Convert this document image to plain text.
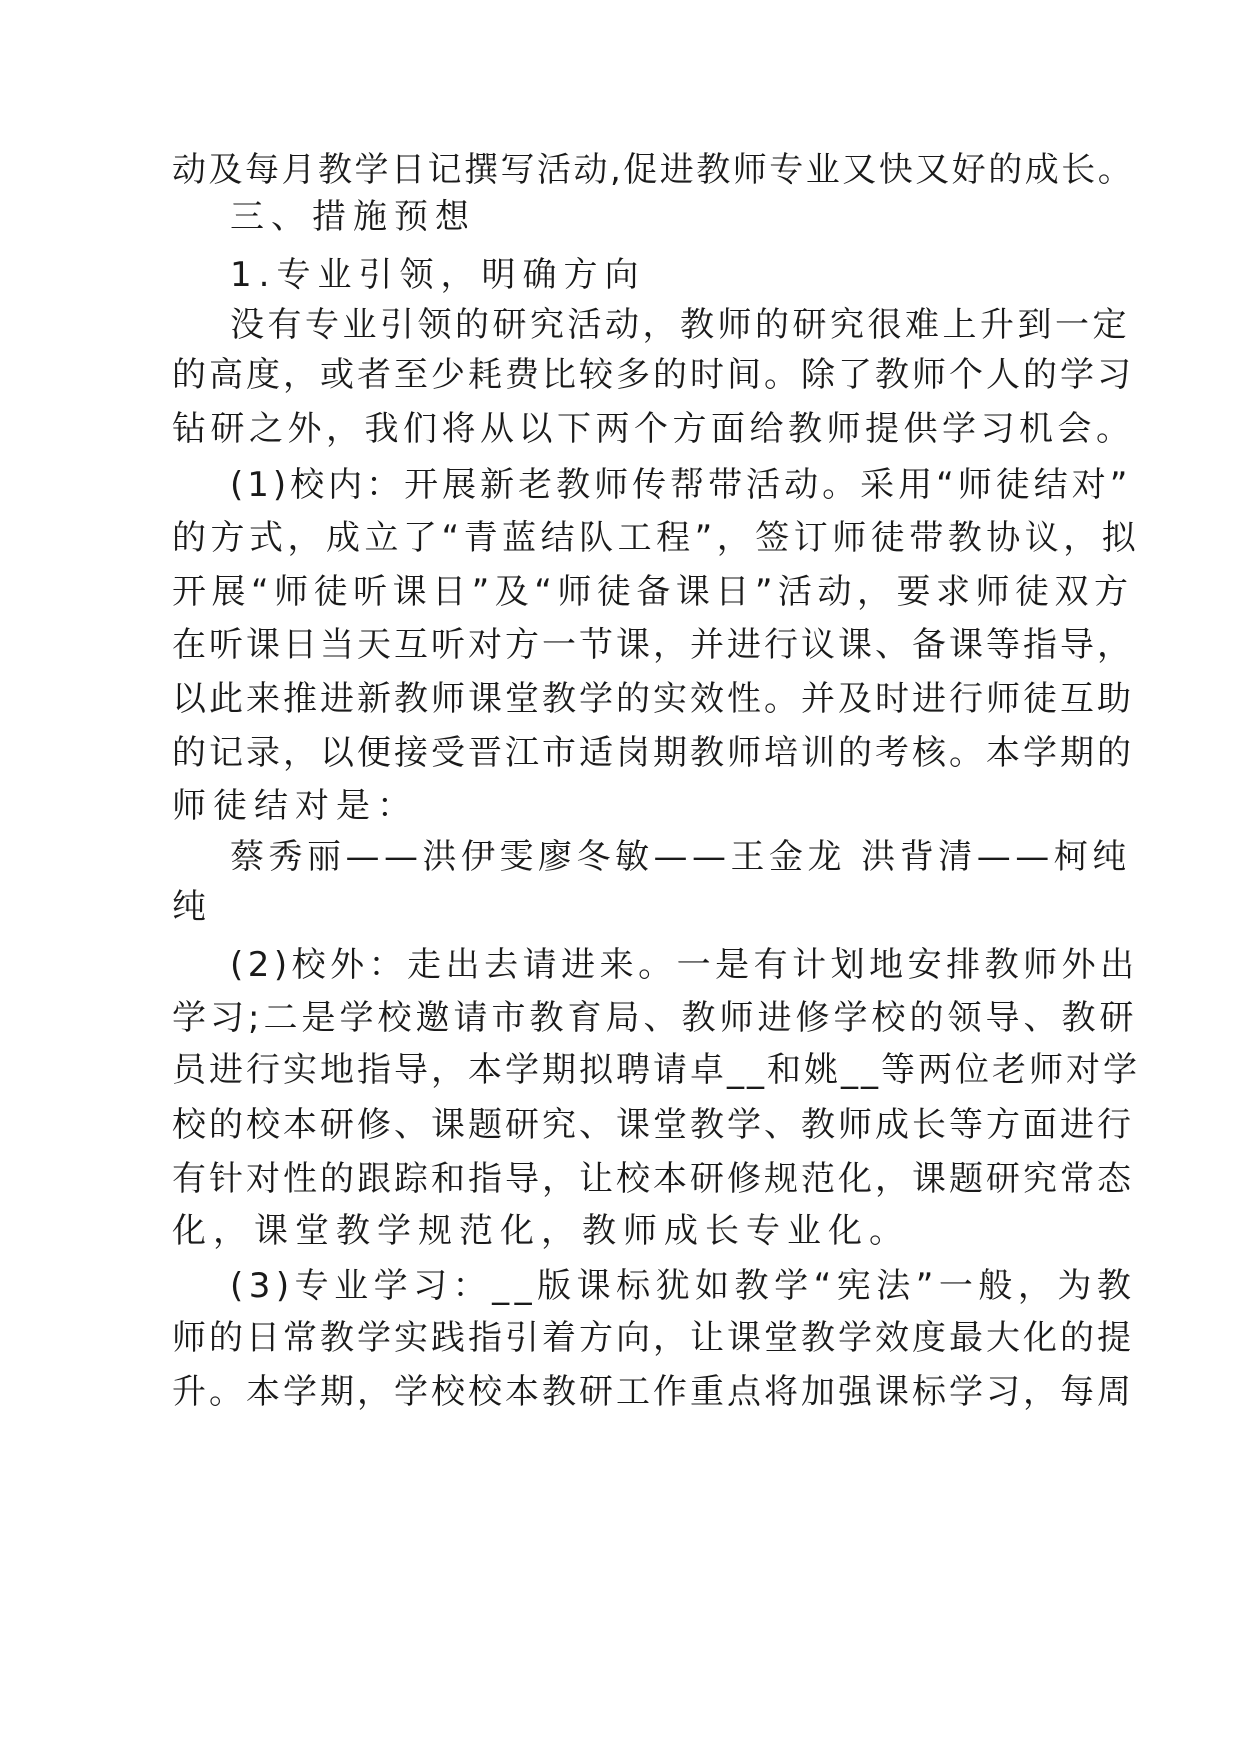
动及每月教学日记撰写活动,促进教师专业又快又好的成长。
三、措施预想
1.专业引领，明确方向
没有专业引领的研究活动，教师的研究很难上升到一定
的高度，或者至少耗费比较多的时间。除了教师个人的学习
钻研之外，我们将从以下两个方面给教师提供学习机会。
(1)校内：开展新老教师传帮带活动。采用“师徒结对”
的方式，成立了“青蓝结队工程”，签订师徒带教协议，拟
开展“师徒听课日”及“师徒备课日”活动，要求师徒双方
在听课日当天互听对方一节课，并进行议课、备课等指导，
以此来推进新教师课堂教学的实效性。并及时进行师徒互助
的记录，以便接受晋江市适岗期教师培训的考核。本学期的
师徒结对是：
蔡秀丽——洪伊雯廖冬敏——王金龙 洪背清——柯纯
纯
(2)校外：走出去请进来。一是有计划地安排教师外出
学习;二是学校邀请市教育局、教师进修学校的领导、教研
员进行实地指导，本学期拟聘请卓__和姚__等两位老师对学
校的校本研修、课题研究、课堂教学、教师成长等方面进行
有针对性的跟踪和指导，让校本研修规范化，课题研究常态
化，课堂教学规范化，教师成长专业化。
(3)专业学习：__版课标犹如教学“宪法”一般，为教
师的日常教学实践指引着方向，让课堂教学效度最大化的提
升。本学期，学校校本教研工作重点将加强课标学习，每周
